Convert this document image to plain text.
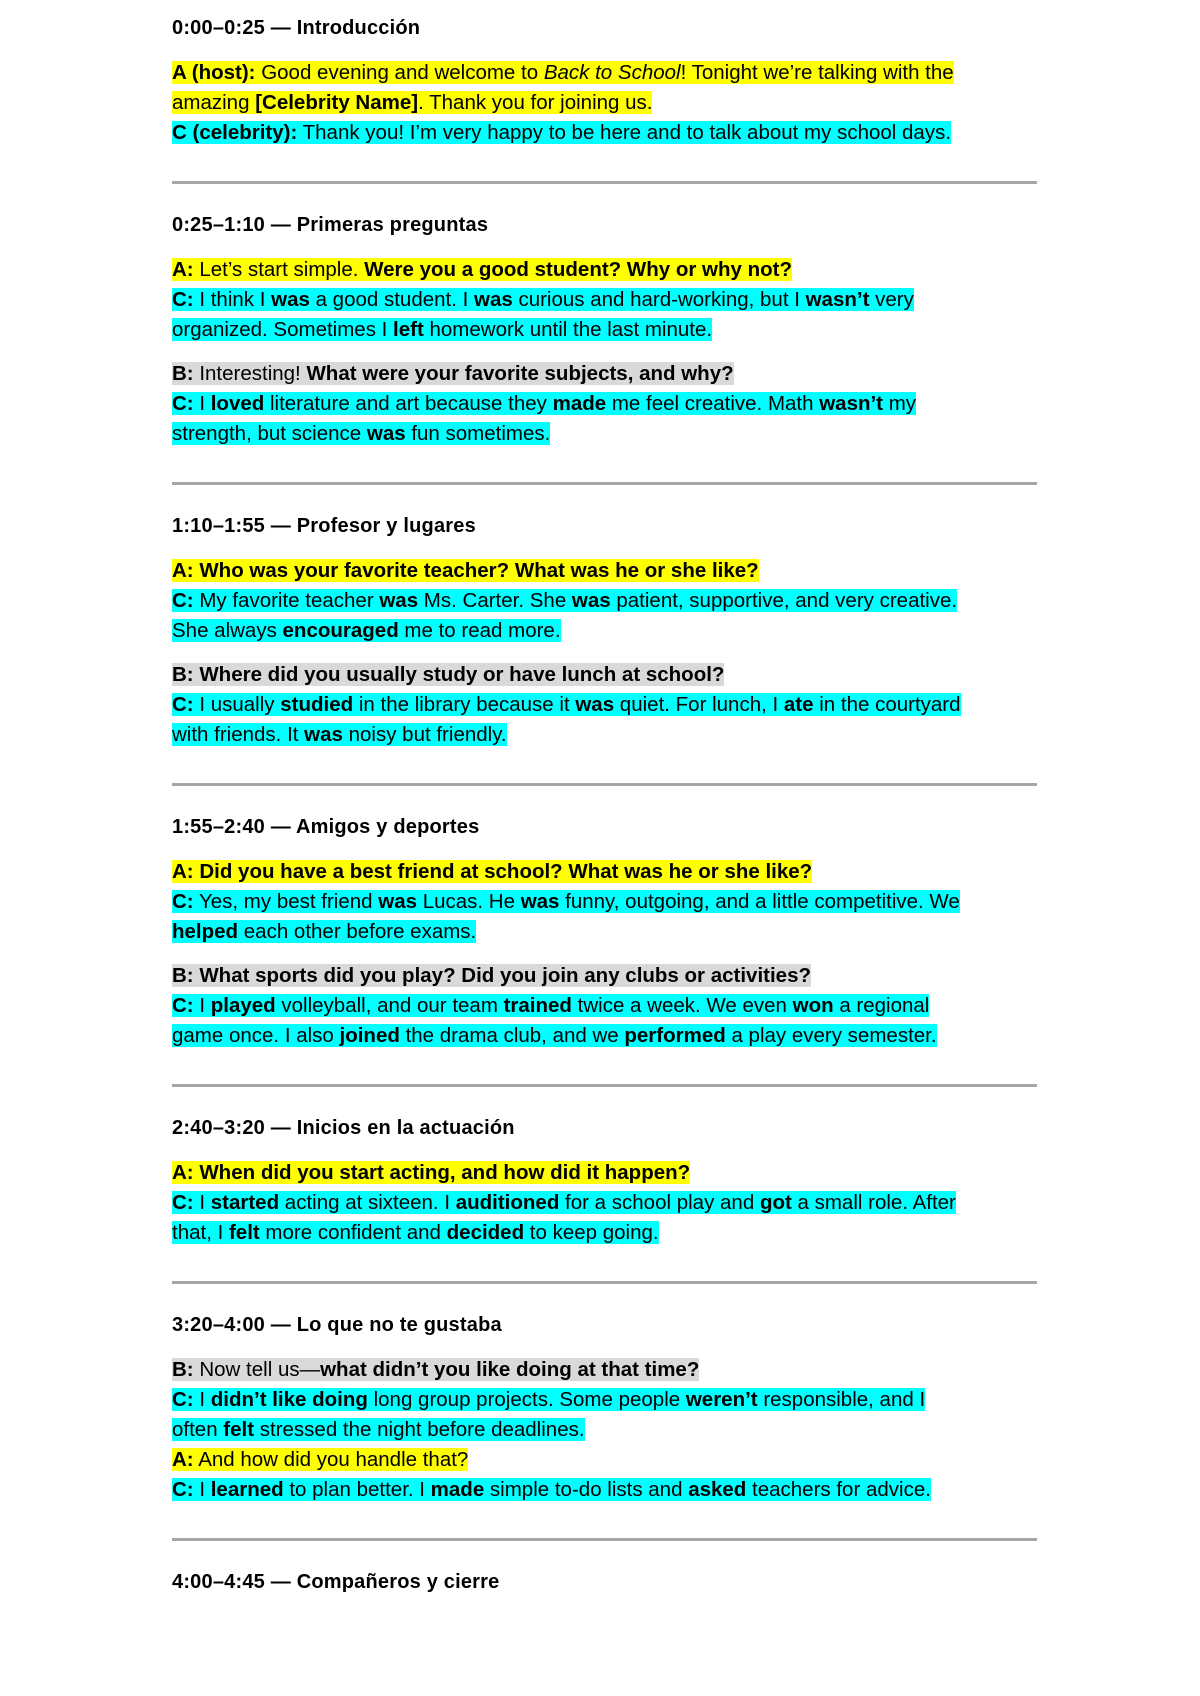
0:00–0:25 — Introducción
A (host): Good evening and welcome to Back to School! Tonight we’re talking with the
amazing [Celebrity Name]. Thank you for joining us.
C (celebrity): Thank you! I’m very happy to be here and to talk about my school days.
0:25–1:10 — Primeras preguntas
A: Let’s start simple. Were you a good student? Why or why not?
C: I think I was a good student. I was curious and hard-working, but I wasn’t very
organized. Sometimes I left homework until the last minute.
B: Interesting! What were your favorite subjects, and why?
C: I loved literature and art because they made me feel creative. Math wasn’t my
strength, but science was fun sometimes.
1:10–1:55 — Profesor y lugares
A: Who was your favorite teacher? What was he or she like?
C: My favorite teacher was Ms. Carter. She was patient, supportive, and very creative.
She always encouraged me to read more.
B: Where did you usually study or have lunch at school?
C: I usually studied in the library because it was quiet. For lunch, I ate in the courtyard
with friends. It was noisy but friendly.
1:55–2:40 — Amigos y deportes
A: Did you have a best friend at school? What was he or she like?
C: Yes, my best friend was Lucas. He was funny, outgoing, and a little competitive. We
helped each other before exams.
B: What sports did you play? Did you join any clubs or activities?
C: I played volleyball, and our team trained twice a week. We even won a regional
game once. I also joined the drama club, and we performed a play every semester.
2:40–3:20 — Inicios en la actuación
A: When did you start acting, and how did it happen?
C: I started acting at sixteen. I auditioned for a school play and got a small role. After
that, I felt more confident and decided to keep going.
3:20–4:00 — Lo que no te gustaba
B: Now tell us—what didn’t you like doing at that time?
C: I didn’t like doing long group projects. Some people weren’t responsible, and I
often felt stressed the night before deadlines.
A: And how did you handle that?
C: I learned to plan better. I made simple to-do lists and asked teachers for advice.
4:00–4:45 — Compañeros y cierre
